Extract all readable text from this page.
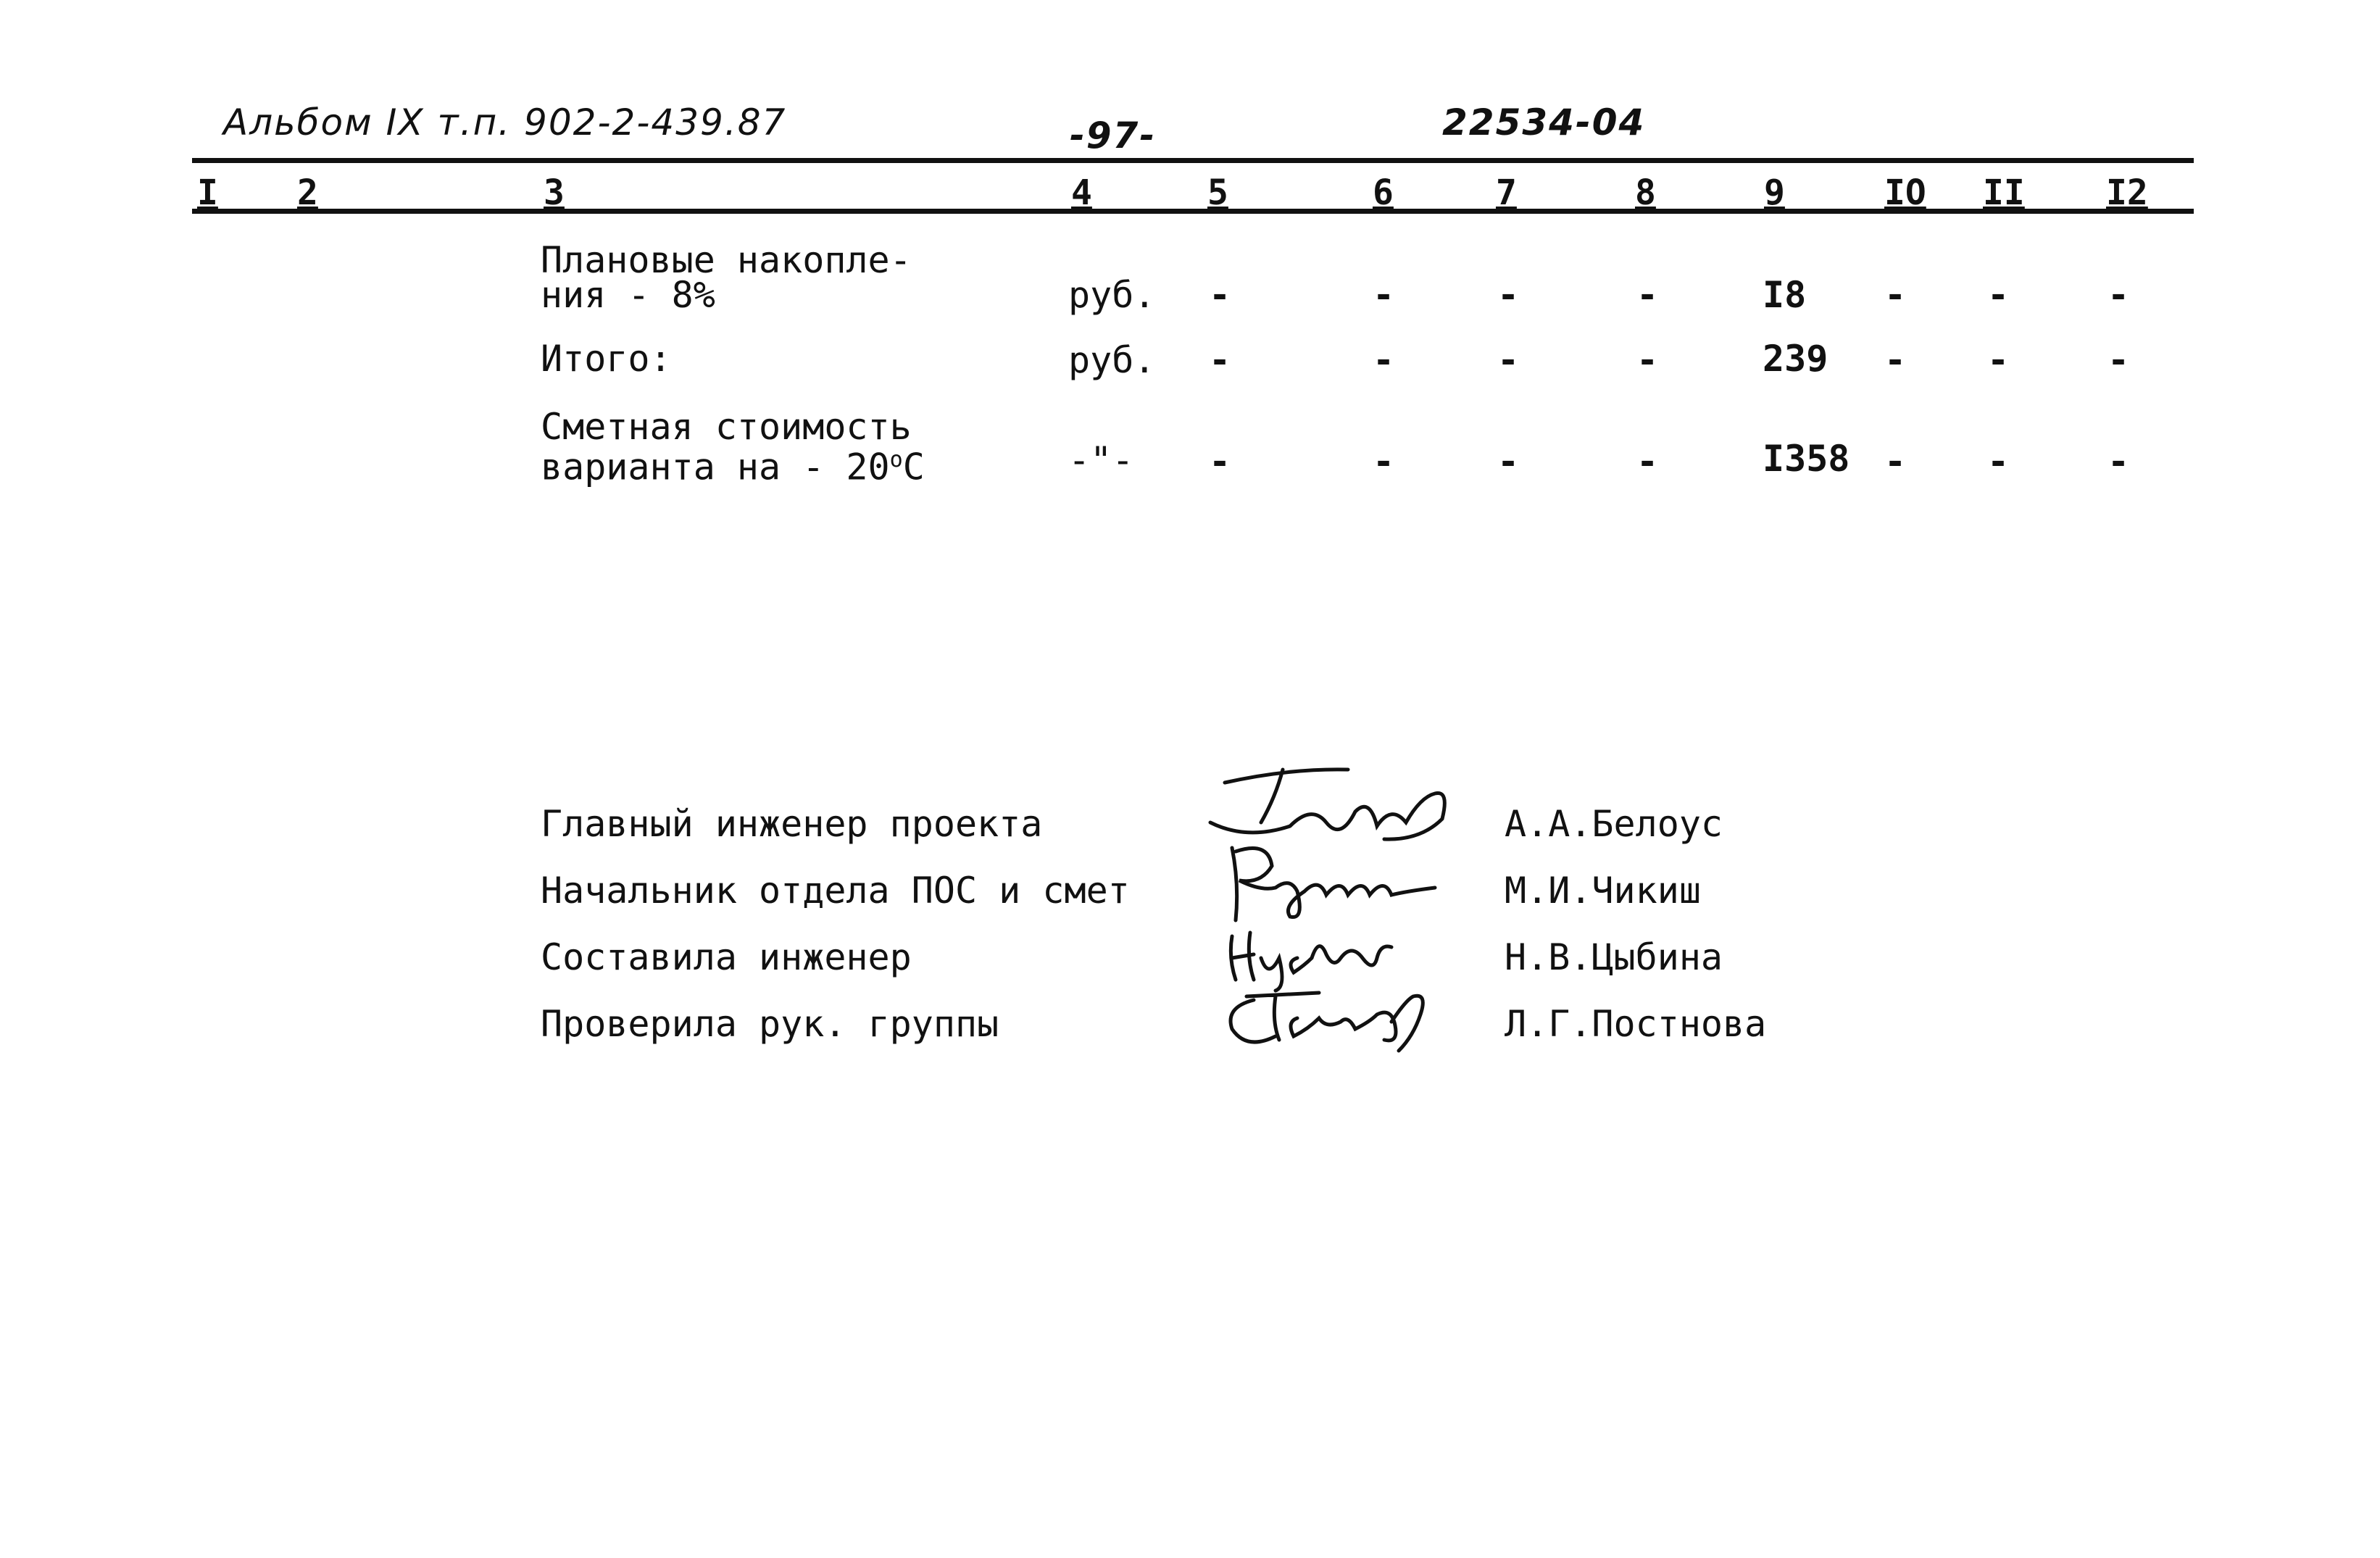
Альбом IX т.п. 902-2-439.87	-97-	22534-04
I 2	3	4	5	6	7	8	9	IO II I2
Плановые накопле-
ния - 8%	руб. -	-	-	-	I8 - -	-
Итого:	руб. -	-	-	-	239 - -	-
Сметная стоимость
варианта на - $20^оС$	-"- -	-	-	-	I358 - -	-
Главный инженер проекта	А.А.Белоус
Начальник отдела ПОС и смет	М.И.Чикиш
Составила инженер	Н.В.Цыбина
Проверила рук. группы	Л.Г.Постнова
